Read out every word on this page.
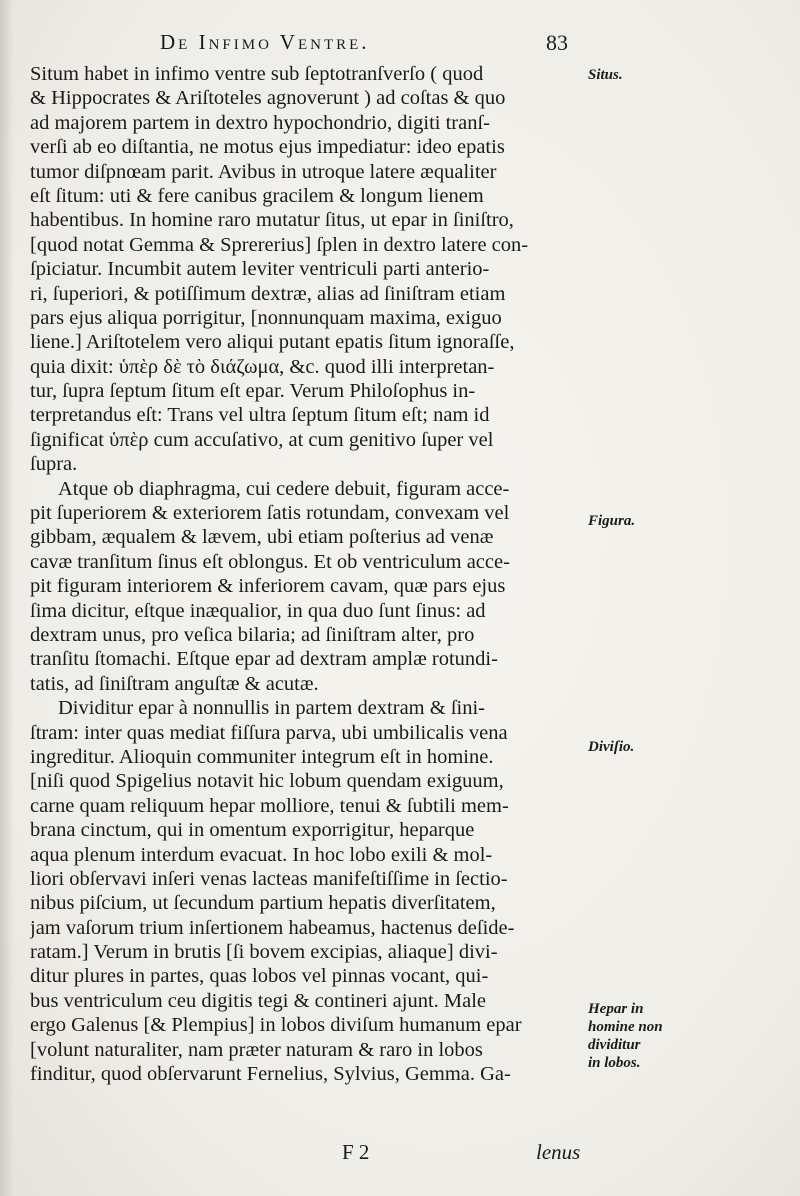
De Infimo Ventre.	83
Situm habet in infimo ventre sub ſeptotranſverſo ( quod
& Hippocrates & Ariſtoteles agnoverunt ) ad coſtas & quo
ad majorem partem in dextro hypochondrio, digiti tranſ-
verſi ab eo diſtantia, ne motus ejus impediatur: ideo epatis
tumor diſpnœam parit. Avibus in utroque latere æqualiter
eſt ſitum: uti & fere canibus gracilem & longum lienem
habentibus. In homine raro mutatur ſitus, ut epar in ſiniſtro,
[quod notat Gemma & Sprererius] ſplen in dextro latere con-
ſpiciatur. Incumbit autem leviter ventriculi parti anterio-
ri, ſuperiori, & potiſſimum dextræ, alias ad ſiniſtram etiam
pars ejus aliqua porrigitur, [nonnunquam maxima, exiguo
liene.] Ariſtotelem vero aliqui putant epatis ſitum ignoraſſe,
quia dixit: ὑπὲρ δὲ τὸ διάζωμα, &c. quod illi interpretan-
tur, ſupra ſeptum ſitum eſt epar. Verum Philoſophus in-
terpretandus eſt: Trans vel ultra ſeptum ſitum eſt; nam id
ſignificat ὑπὲρ cum accuſativo, at cum genitivo ſuper vel
ſupra.
Atque ob diaphragma, cui cedere debuit, figuram acce-
pit ſuperiorem & exteriorem ſatis rotundam, convexam vel
gibbam, æqualem & lævem, ubi etiam poſterius ad venæ
cavæ tranſitum ſinus eſt oblongus. Et ob ventriculum acce-
pit figuram interiorem & inferiorem cavam, quæ pars ejus
ſima dicitur, eſtque inæqualior, in qua duo ſunt ſinus: ad
dextram unus, pro veſica bilaria; ad ſiniſtram alter, pro
tranſitu ſtomachi. Eſtque epar ad dextram amplæ rotundi-
tatis, ad ſiniſtram anguſtæ & acutæ.
Dividitur epar à nonnullis in partem dextram & ſini-
ſtram: inter quas mediat fiſſura parva, ubi umbilicalis vena
ingreditur. Alioquin communiter integrum eſt in homine.
[niſi quod Spigelius notavit hic lobum quendam exiguum,
carne quam reliquum hepar molliore, tenui & ſubtili mem-
brana cinctum, qui in omentum exporrigitur, heparque
aqua plenum interdum evacuat. In hoc lobo exili & mol-
liori obſervavi inſeri venas lacteas manifeſtiſſime in ſectio-
nibus piſcium, ut ſecundum partium hepatis diverſitatem,
jam vaſorum trium inſertionem habeamus, hactenus deſide-
ratam.] Verum in brutis [ſi bovem excipias, aliaque] divi-
ditur plures in partes, quas lobos vel pinnas vocant, qui-
bus ventriculum ceu digitis tegi & contineri ajunt. Male
ergo Galenus [& Plempius] in lobos diviſum humanum epar
[volunt naturaliter, nam præter naturam & raro in lobos
finditur, quod obſervarunt Fernelius, Sylvius, Gemma. Ga-
Situs.
Figura.
Diviſio.
Hepar in
homine non
dividitur
in lobos.
F 2	lenus
